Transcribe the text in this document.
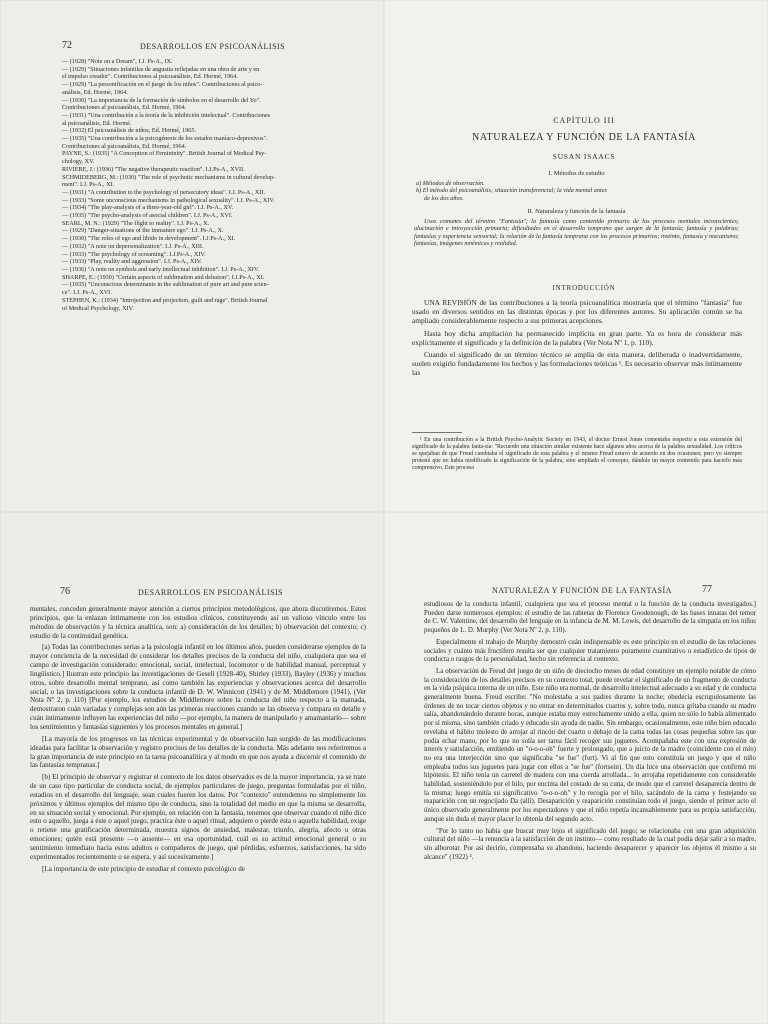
72	DESARROLLOS EN PSICOANÁLISIS
— (1928) "Note on a Dream", I.J. Ps-A., IX.
— (1929) "Situaciones infantiles de angustia reflejadas en una obra de arte y en
el impulso creador". Contribuciones al psicoanálisis, Ed. Hormé, 1964.
— (1929) "La personificación en el juego de los niños". Contribuciones al psico-
análisis, Ed. Hormé, 1964.
— (1930) "La importancia de la formación de símbolos en el desarrollo del Yo".
Contribuciones al psicoanálisis, Ed. Hormé, 1964.
— (1931) "Una contribución a la teoría de la inhibición intelectual". Contribuciones
al psicoanálisis, Ed. Hormé.
— (1932) El psicoanálisis de niños, Ed. Hormé, 1965.
— (1935) "Una contribución a la psicogénesis de los estados maníaco-depresivos".
Contribuciones al psicoanálisis, Ed. Hormé, 1964.
PAYNE, S.: (1935) "A Conception of Femininity". British Journal of Medical Psy-
chology, XV.
RIVIERE, J.: (1936) "The negative therapeutic reaction". I.J.Ps-A., XVII.
SCHMIDEBERG, M.: (1930) "The role of psychotic mechanisms in cultural develop-
ment". I.J. Ps-A., XI.
— (1931) "A contribution to the psychology of persecutory ideas". I.J. Ps-A., XII.
— (1933) "Some unconscious mechanisms in pathological sexuality". I.J. Ps-A., XIV.
— (1934) "The play-analysis of a three-year-old girl". I.J. Ps-A., XV.
— (1935) "The psycho-analysis of asocial children". I.J. Ps-A., XVI.
SEARL, M. N.: (1929) "The flight to reality". I.J. Ps-A., X.
— (1929) "Danger-situations of the immature ego". I.J. Ps-A., X.
— (1930) "The roles of ego and libido in development". I.J.Ps-A., XI.
— (1932) "A note on depersonalization". I.J. Ps-A., XIII.
— (1933) "The psychology of screaming". I.J.Ps-A., XIV.
— (1933) "Play, reality and aggression". I.J. Ps-A., XIV.
— (1936) "A note on symbols and early intellectual inhibition". I.J. Ps-A., XIV.
SHARPE, E.: (1930) "Certain aspects of sublimation and delusion". I.J.Ps-A., XI.
— (1935) "Unconscious determinants in the sublimation of pure art and pure scien-
ce". I.J. Ps-A., XVI.
STEPHEN, K.: (1934) "Introjection and projection, guilt and rage". British Journal
of Medical Psychology, XIV.
CAPÍTULO III
NATURALEZA Y FUNCIÓN DE LA FANTASÍA
SUSAN ISAACS
I. Métodos de estudio
a) Métodos de observación.
b) El método del psicoanálisis; situación transferencial; la vida mental antes
de los dos años.
II. Naturaleza y función de la fantasía
Usos comunes del término "Fantasía"; la fantasía como contenido primario de los procesos mentales inconscientes; alucinación e introyección primaria; dificultades en el desarrollo temprano que surgen de la fantasía; fantasía y palabras; fantasías y experiencia sensorial; la relación de la fantasía temprana con los procesos primarios; instinto, fantasía y mecanismo; fantasías, imágenes mnémicas y realidad.
INTRODUCCIÓN

UNA REVISIÓN de las contribuciones a la teoría psicoanalítica mostraría que el término "fantasía" fue usado en diversos sentidos en las distintas épocas y por los diferentes autores. Su aplicación común se ha ampliado considerablemente respecto a sus primeras acepciones.

Hasta hoy dicha ampliación ha permanecido implícita en gran parte. Ya es hora de considerar más explícitamente el significado y la definición de la palabra (Ver Nota Nº 1, p. 110).

Cuando el significado de un término técnico se amplía de esta manera, deliberada o inadvertidamente, suelen exigirlo fundadamente los hechos y las formulaciones teóricas ¹. Es necesario observar más íntimamente las

¹ En una contribución a la British Psycho-Analytic Society en 1943, el doctor Ernest Jones comentaba respecto a esta extensión del significado de la palabra fanta-sía: "Recuerdo una situación similar existente hace algunos años acerca de la palabra sexualidad. Los críticos se quejaban de que Freud cambiaba el significado de esta palabra y el mismo Freud estuvo de acuerdo en dos ocasiones; pero yo siempre protesté que no había modificado la significación de la palabra, sino ampliado el concepto, dándole un mayor contenido para hacerlo más comprensivo. Este proceso
76	DESARROLLOS EN PSICOANÁLISIS

mentales, conceden generalmente mayor atención a ciertos principios metodológicos, que ahora discutiremos. Estos principios, que la enlazan íntimamente con los estudios clínicos, constituyendo así un valioso vínculo entre los métodos de observación y la técnica analítica, son: a) consideración de los detalles; b) observación del contexto; c) estudio de la continuidad genética.

[a) Todas las contribuciones serias a la psicología infantil en los últimos años, pueden considerarse ejemplos de la mayor conciencia de la necesidad de considerar los detalles precisos de la conducta del niño, cualquiera que sea el campo de investigación considerado: emocional, social, intelectual, locomotor o de habilidad manual, perceptual y lingüístico.] Ilustran este principio las investigaciones de Gesell (1928-40), Shirley (1933), Bayley (1936) y muchos otros, sobre desarrollo mental temprano, así como también las experiencias y observaciones acerca del desarrollo social, o las investigaciones sobre la conducta infantil de D. W. Winnicott (1941) y de M. Middlemore (1941). (Ver Nota Nº 2, p. 110) [Por ejemplo, los estudios de Middlemore sobre la conducta del niño respecto a la mamada, demostraron cuán variadas y complejas son aún las primeras reacciones cuando se las observa y compara en detalle y cuán íntimamente influyen las experiencias del niño —por ejemplo, la manera de manipularlo y amamantarlo— sobre los sentimientos y fantasías siguientes y los procesos mentales en general.]

[La mayoría de los progresos en las técnicas experimental y de observación han surgido de las modificaciones ideadas para facilitar la observación y registro precisos de los detalles de la conducta. Más adelante nos referiremos a la gran importancia de este principio en la tarea psicoanalítica y al modo en que nos ayuda a discernir el contenido de las fantasías tempranas.]

[b) El principio de observar y registrar el contexto de los datos observados es de la mayor importancia, ya se trate de un caso tipo particular de conducta social, de ejemplos particulares de juego, preguntas formuladas por el niño, estadios en el desarrollo del lenguaje, sean cuales fueren los datos. Por "contexto" entendemos no simplemente los próximos y últimos ejemplos del mismo tipo de conducta, sino la totalidad del medio en que la misma se desarrolla, en su situación social y emocional. Por ejemplo, en relación con la fantasía, tenemos que observar cuando el niño dice esto o aquello, juega a éste o aquel juego, practica éste o aquel ritual, adquiere o pierde ésta o aquella habilidad, exige o retiene una gratificación determinada, muestra signos de ansiedad, malestar, triunfo, alegría, afecto u otras emociones; quién está presente —o ausente— en esa oportunidad, cuál es su actitud emocional general o su sentimiento inmediato hacia estos adultos o compañeros de juego, qué pérdidas, esfuerzos, satisfacciones, ha sido experimentados recientemente o se espera, y así sucesivamente.]

[La importancia de este principio de estudiar el contexto psicológico de

NATURALEZA Y FUNCIÓN DE LA FANTASÍA	77

estudiosos de la conducta infantil, cualquiera que sea el proceso mental o la función de la conducta investigados.] Pueden darse numerosos ejemplos: el estudio de las rabietas de Florence Goodenough, de las bases innatas del temor de C. W. Valentine, del desarrollo del lenguaje en la infancia de M. M. Lewis, del desarrollo de la simpatía en los niños pequeños de L. D. Murphy (Ver Nota Nº 2, p. 110).

Especialmente el trabajo de Murphy demostró cuán indispensable es este principio en el estudio de las relaciones sociales y cuánto más fructífero resulta ser que cualquier tratamiento puramente cuantitativo o estadístico de tipos de conducta o rasgos de la personalidad, hecho sin referencia al contexto.

La observación de Freud del juego de un niño de dieciocho meses de edad constituye un ejemplo notable de cómo la consideración de los detalles precisos en su contexto total, puede revelar el significado de un fragmento de conducta en la vida psíquica interna de un niño. Este niño era normal, de desarrollo intelectual adecuado a su edad y de conducta generalmente buena. Freud escribe: "No molestaba a sus padres durante la noche; obedecía escrupulosamente las órdenes de no tocar ciertos objetos y no entrar en determinados cuartos y, sobre todo, nunca gritaba cuando su madre salía, abandonándolo durante horas, aunque estaba muy estrechamente unido a ella, quien no sólo lo había alimentado por sí misma, sino también criado y educado sin ayuda de nadie. Sin embargo, ocasionalmente, este niño bien educado revelaba el hábito molesto de arrojar al rincón del cuarto o debajo de la cama todas las cosas pequeñas sobre las que podía echar mano, por lo que no solía ser tarea fácil recoger sus juguetes. Acompañaba este con una expresión de interés y satisfacción, emitiendo un "o-o-o-oh" fuerte y prolongado, que a juicio de la madre (coincidente con el mío) no era una interjección sino que significaba "se fue" (fort). Vi al fin que esto constituía un juego y que el niño empleaba todos sus juguetes para jugar con ellos a "se fue" (fortsein). Un día hice una observación que confirmó mi hipótesis. El niño tenía un carretel de madera con una cuerda arrollada... lo arrojaba repetidamente con considerable habilidad, sosteniéndolo por el hilo, por encima del costado de su cuna, de modo que el carretel desaparecía dentro de la misma; luego emitía su significativo "o-o-o-oh" y lo recogía por el hilo, sacándolo de la cama y festejando su reaparición con un regocijado Da (allí). Desaparición y reaparición constituían todo el juego, siendo el primer acto el único observado generalmente por los espectadores y que el niño repetía incansablemente para su propia satisfacción, aunque sin duda el mayor placer lo obtenía del segundo acto.

"Por lo tanto no había que buscar muy lejos el significado del juego; se relacionaba con una gran adquisición cultural del niño —la renuncia a la satisfacción de un instinto— como resultado de la cual podía dejar salir a su madre, sin alborotar. Por así decirlo, compensaba su abandono, haciendo desaparecer y aparecer los objetos él mismo a su alcance" (1922) ².
